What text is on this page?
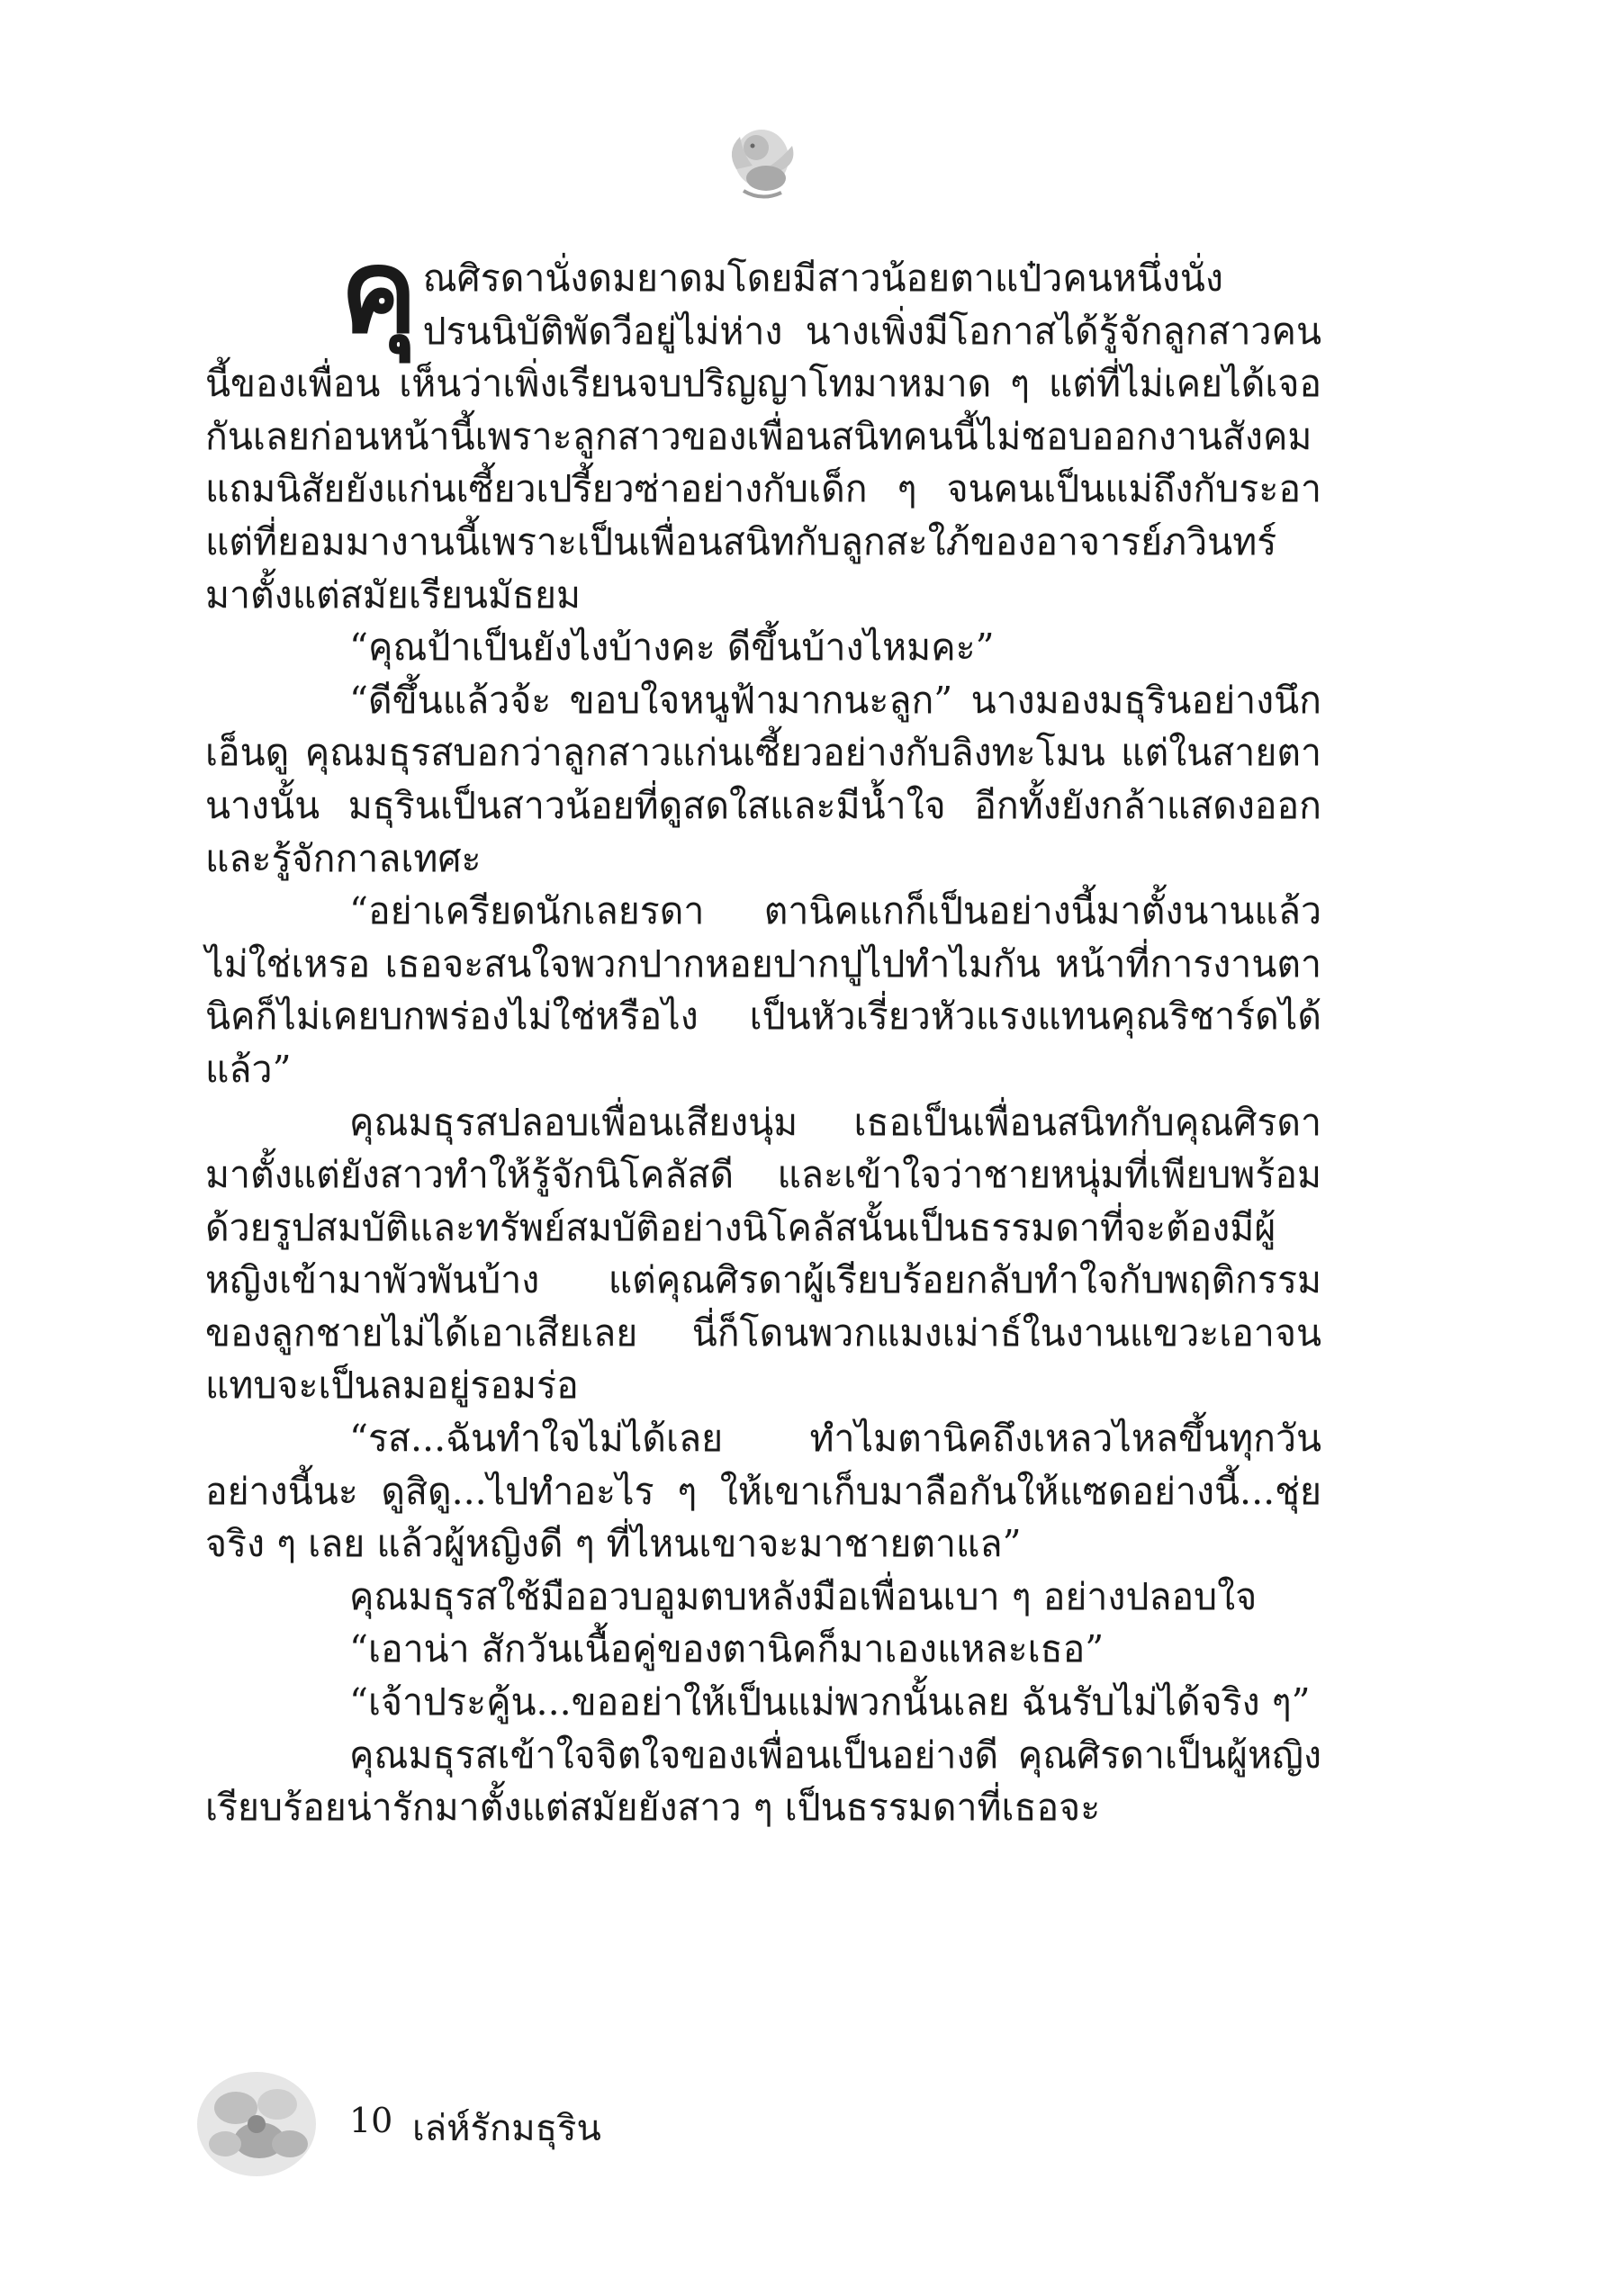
คุณศิรดานั่งดมยาดมโดยมีสาวน้อยตาแป๋วคนหนึ่งนั่งปรนนิบัติพัดวีอยู่ไม่ห่าง นางเพิ่งมีโอกาสได้รู้จักลูกสาวคนนี้ของเพื่อน เห็นว่าเพิ่งเรียนจบปริญญาโทมาหมาด ๆ แต่ที่ไม่เคยได้เจอกันเลยก่อนหน้านี้เพราะลูกสาวของเพื่อนสนิทคนนี้ไม่ชอบออกงานสังคม แถมนิสัยยังแก่นเซี้ยวเปรี้ยวซ่าอย่างกับเด็ก ๆ จนคนเป็นแม่ถึงกับระอา แต่ที่ยอมมางานนี้เพราะเป็นเพื่อนสนิทกับลูกสะใภ้ของอาจารย์ภวินทร์มาตั้งแต่สมัยเรียนมัธยม

“คุณป้าเป็นยังไงบ้างคะ ดีขึ้นบ้างไหมคะ”

“ดีขึ้นแล้วจ้ะ ขอบใจหนูฟ้ามากนะลูก” นางมองมธุรินอย่างนึกเอ็นดู คุณมธุรสบอกว่าลูกสาวแก่นเซี้ยวอย่างกับลิงทะโมน แต่ในสายตานางนั้น มธุรินเป็นสาวน้อยที่ดูสดใสและมีน้ำใจ อีกทั้งยังกล้าแสดงออกและรู้จักกาลเทศะ

“อย่าเครียดนักเลยรดา ตานิคแกก็เป็นอย่างนี้มาตั้งนานแล้วไม่ใช่เหรอ เธอจะสนใจพวกปากหอยปากปูไปทำไมกัน หน้าที่การงานตานิคก็ไม่เคยบกพร่องไม่ใช่หรือไง เป็นหัวเรี่ยวหัวแรงแทนคุณริชาร์ดได้แล้ว”

คุณมธุรสปลอบเพื่อนเสียงนุ่ม เธอเป็นเพื่อนสนิทกับคุณศิรดามาตั้งแต่ยังสาวทำให้รู้จักนิโคลัสดี และเข้าใจว่าชายหนุ่มที่เพียบพร้อมด้วยรูปสมบัติและทรัพย์สมบัติอย่างนิโคลัสนั้นเป็นธรรมดาที่จะต้องมีผู้หญิงเข้ามาพัวพันบ้าง แต่คุณศิรดาผู้เรียบร้อยกลับทำใจกับพฤติกรรมของลูกชายไม่ได้เอาเสียเลย นี่ก็โดนพวกแมงเม่าธ์ในงานแขวะเอาจนแทบจะเป็นลมอยู่รอมร่อ

“รส...ฉันทำใจไม่ได้เลย ทำไมตานิคถึงเหลวไหลขึ้นทุกวันอย่างนี้นะ ดูสิดู...ไปทำอะไร ๆ ให้เขาเก็บมาลือกันให้แซดอย่างนี้...ชุ่ยจริง ๆ เลย แล้วผู้หญิงดี ๆ ที่ไหนเขาจะมาชายตาแล”

คุณมธุรสใช้มืออวบอูมตบหลังมือเพื่อนเบา ๆ อย่างปลอบใจ

“เอาน่า สักวันเนื้อคู่ของตานิคก็มาเองแหละเธอ”

“เจ้าประคู้น...ขออย่าให้เป็นแม่พวกนั้นเลย ฉันรับไม่ได้จริง ๆ”

คุณมธุรสเข้าใจจิตใจของเพื่อนเป็นอย่างดี คุณศิรดาเป็นผู้หญิงเรียบร้อยน่ารักมาตั้งแต่สมัยยังสาว ๆ เป็นธรรมดาที่เธอจะ

10 เล่ห์รักมธุริน
